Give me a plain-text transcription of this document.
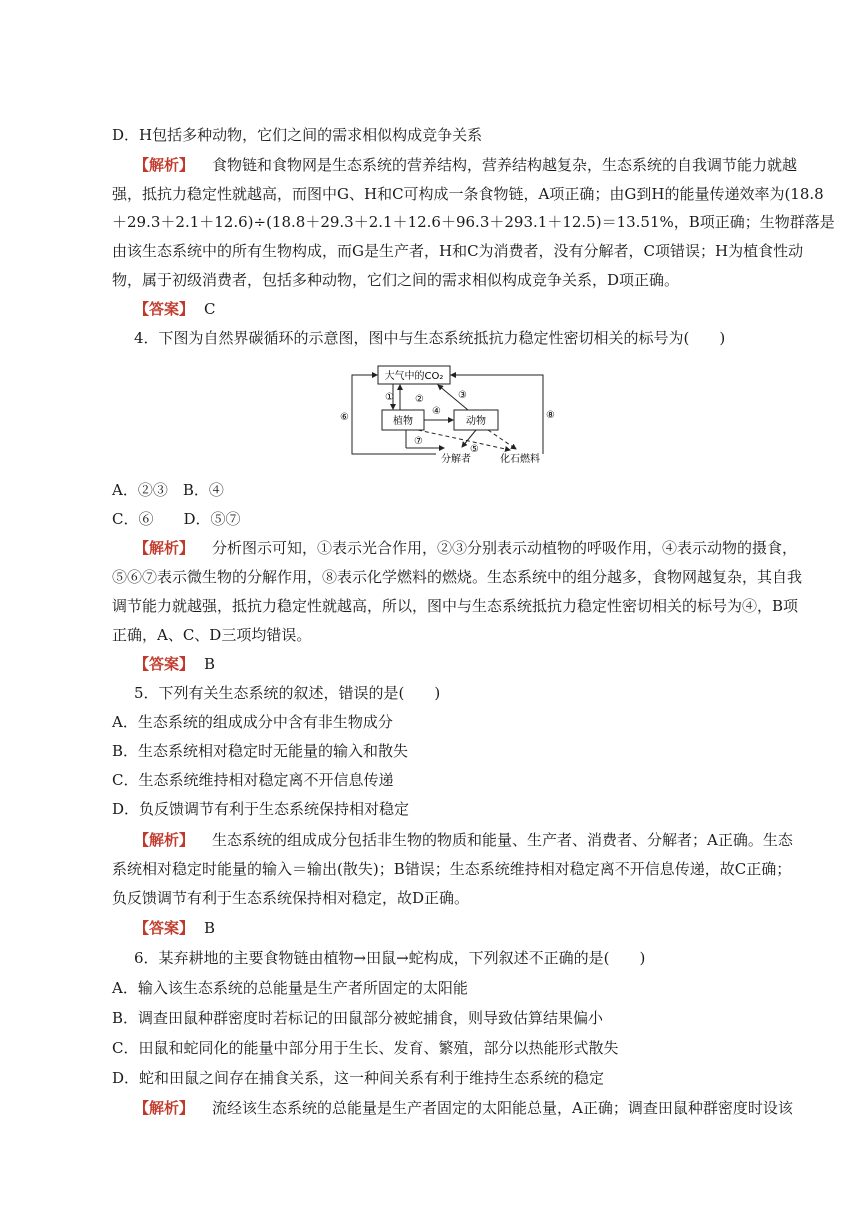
D．H包括多种动物，它们之间的需求相似构成竞争关系
【解析】 食物链和食物网是生态系统的营养结构，营养结构越复杂，生态系统的自我调节能力就越
强，抵抗力稳定性就越高，而图中G、H和C可构成一条食物链，A项正确；由G到H的能量传递效率为(18.8
＋29.3＋2.1＋12.6)÷(18.8＋29.3＋2.1＋12.6＋96.3＋293.1＋12.5)＝13.51%，B项正确；生物群落是
由该生态系统中的所有生物构成，而G是生产者，H和C为消费者，没有分解者，C项错误；H为植食性动
物，属于初级消费者，包括多种动物，它们之间的需求相似构成竞争关系，D项正确。
【答案】 C
4．下图为自然界碳循环的示意图，图中与生态系统抵抗力稳定性密切相关的标号为(　　)
大气中的CO₂
植物	动物
分解者	化石燃料
① ②	③
④
⑤
⑥
⑦
⑧
A．②③　B．④
C．⑥　　D．⑤⑦
【解析】 分析图示可知，①表示光合作用，②③分别表示动植物的呼吸作用，④表示动物的摄食，
⑤⑥⑦表示微生物的分解作用，⑧表示化学燃料的燃烧。生态系统中的组分越多，食物网越复杂，其自我
调节能力就越强，抵抗力稳定性就越高，所以，图中与生态系统抵抗力稳定性密切相关的标号为④，B项
正确，A、C、D三项均错误。
【答案】 B
5．下列有关生态系统的叙述，错误的是(　　)
A．生态系统的组成成分中含有非生物成分
B．生态系统相对稳定时无能量的输入和散失
C．生态系统维持相对稳定离不开信息传递
D．负反馈调节有利于生态系统保持相对稳定
【解析】 生态系统的组成成分包括非生物的物质和能量、生产者、消费者、分解者；A正确。生态
系统相对稳定时能量的输入＝输出(散失)；B错误；生态系统维持相对稳定离不开信息传递，故C正确；
负反馈调节有利于生态系统保持相对稳定，故D正确。
【答案】 B
6．某弃耕地的主要食物链由植物→田鼠→蛇构成，下列叙述不正确的是(　　)
A．输入该生态系统的总能量是生产者所固定的太阳能
B．调查田鼠种群密度时若标记的田鼠部分被蛇捕食，则导致估算结果偏小
C．田鼠和蛇同化的能量中部分用于生长、发育、繁殖，部分以热能形式散失
D．蛇和田鼠之间存在捕食关系，这一种间关系有利于维持生态系统的稳定
【解析】 流经该生态系统的总能量是生产者固定的太阳能总量，A正确；调查田鼠种群密度时设该
